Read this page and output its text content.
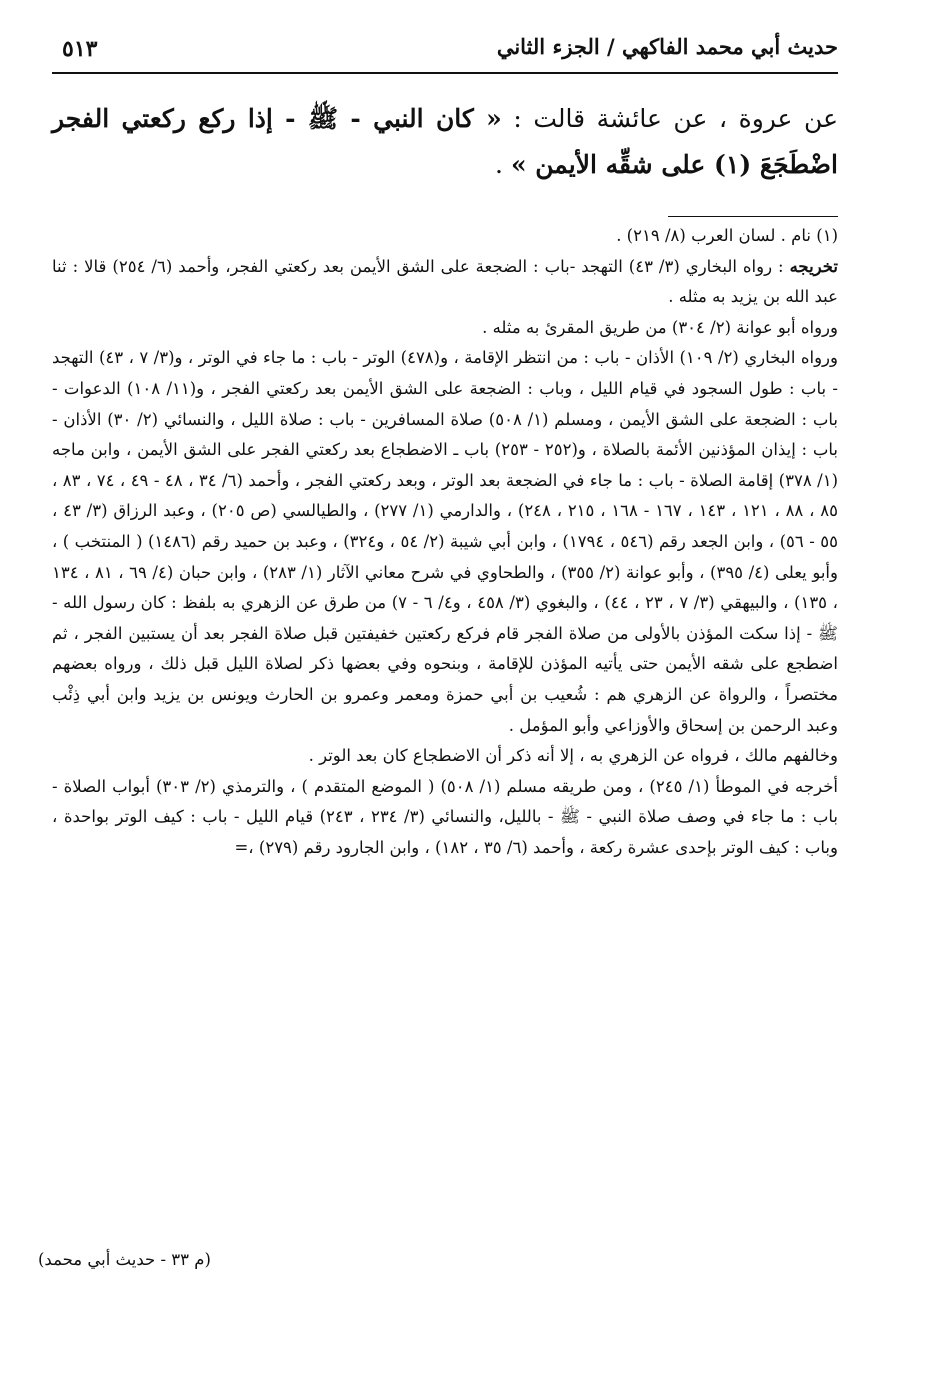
حديث أبي محمد الفاكهي / الجزء الثاني
٥١٣
عن عروة ، عن عائشة قالت : « كان النبي - ﷺ - إذا ركع ركعتي الفجر اضْطَجَعَ (١) على شقِّه الأيمن » .

(١) نام . لسان العرب (٨/ ٢١٩) .

تخريجه : رواه البخاري (٣/ ٤٣) التهجد -باب : الضجعة على الشق الأيمن بعد ركعتي الفجر، وأحمد (٦/ ٢٥٤) قالا : ثنا عبد الله بن يزيد به مثله .

ورواه أبو عوانة (٢/ ٣٠٤) من طريق المقرئ به مثله .

ورواه البخاري (٢/ ١٠٩) الأذان - باب : من انتظر الإقامة ، و(٤٧٨) الوتر - باب : ما جاء في الوتر ، و(٣/ ٧ ، ٤٣) التهجد - باب : طول السجود في قيام الليل ، وباب : الضجعة على الشق الأيمن بعد ركعتي الفجر ، و(١١/ ١٠٨) الدعوات - باب : الضجعة على الشق الأيمن ، ومسلم (١/ ٥٠٨) صلاة المسافرين - باب : صلاة الليل ، والنسائي (٢/ ٣٠) الأذان - باب : إيذان المؤذنين الأئمة بالصلاة ، و(٢٥٢ - ٢٥٣) باب ـ الاضطجاع بعد ركعتي الفجر على الشق الأيمن ، وابن ماجه (١/ ٣٧٨) إقامة الصلاة - باب : ما جاء في الضجعة بعد الوتر ، وبعد ركعتي الفجر ، وأحمد (٦/ ٣٤ ، ٤٨ - ٤٩ ، ٧٤ ، ٨٣ ، ٨٥ ، ٨٨ ، ١٢١ ، ١٤٣ ، ١٦٧ - ١٦٨ ، ٢١٥ ، ٢٤٨) ، والدارمي (١/ ٢٧٧) ، والطيالسي (ص ٢٠٥) ، وعبد الرزاق (٣/ ٤٣ ، ٥٥ - ٥٦) ، وابن الجعد رقم (٥٤٦ ، ١٧٩٤) ، وابن أبي شيبة (٢/ ٥٤ ، و٣٢٤) ، وعبد بن حميد رقم (١٤٨٦) ( المنتخب ) ، وأبو يعلى (٤/ ٣٩٥) ، وأبو عوانة (٢/ ٣٥٥) ، والطحاوي في شرح معاني الآثار (١/ ٢٨٣) ، وابن حبان (٤/ ٦٩ ، ٨١ ، ١٣٤ ، ١٣٥) ، والبيهقي (٣/ ٧ ، ٢٣ ، ٤٤) ، والبغوي (٣/ ٤٥٨ ، و٤/ ٦ - ٧) من طرق عن الزهري به بلفظ : كان رسول الله - ﷺ - إذا سكت المؤذن بالأولى من صلاة الفجر قام فركع ركعتين خفيفتين قبل صلاة الفجر بعد أن يستبين الفجر ، ثم اضطجع على شقه الأيمن حتى يأتيه المؤذن للإقامة ، وبنحوه وفي بعضها ذكر لصلاة الليل قبل ذلك ، ورواه بعضهم مختصراً ، والرواة عن الزهري هم : شُعيب بن أبي حمزة ومعمر وعمرو بن الحارث ويونس بن يزيد وابن أبي ذِئْب وعبد الرحمن بن إسحاق والأوزاعي وأبو المؤمل .

وخالفهم مالك ، فرواه عن الزهري به ، إلا أنه ذكر أن الاضطجاع كان بعد الوتر .

أخرجه في الموطأ (١/ ٢٤٥) ، ومن طريقه مسلم (١/ ٥٠٨) ( الموضع المتقدم ) ، والترمذي (٢/ ٣٠٣) أبواب الصلاة - باب : ما جاء في وصف صلاة النبي - ﷺ - بالليل، والنسائي (٣/ ٢٣٤ ، ٢٤٣) قيام الليل - باب : كيف الوتر بواحدة ، وباب : كيف الوتر بإحدى عشرة ركعة ، وأحمد (٦/ ٣٥ ، ١٨٢) ، وابن الجارود رقم (٢٧٩) ،=

(م ٣٣ - حديث أبي محمد)
